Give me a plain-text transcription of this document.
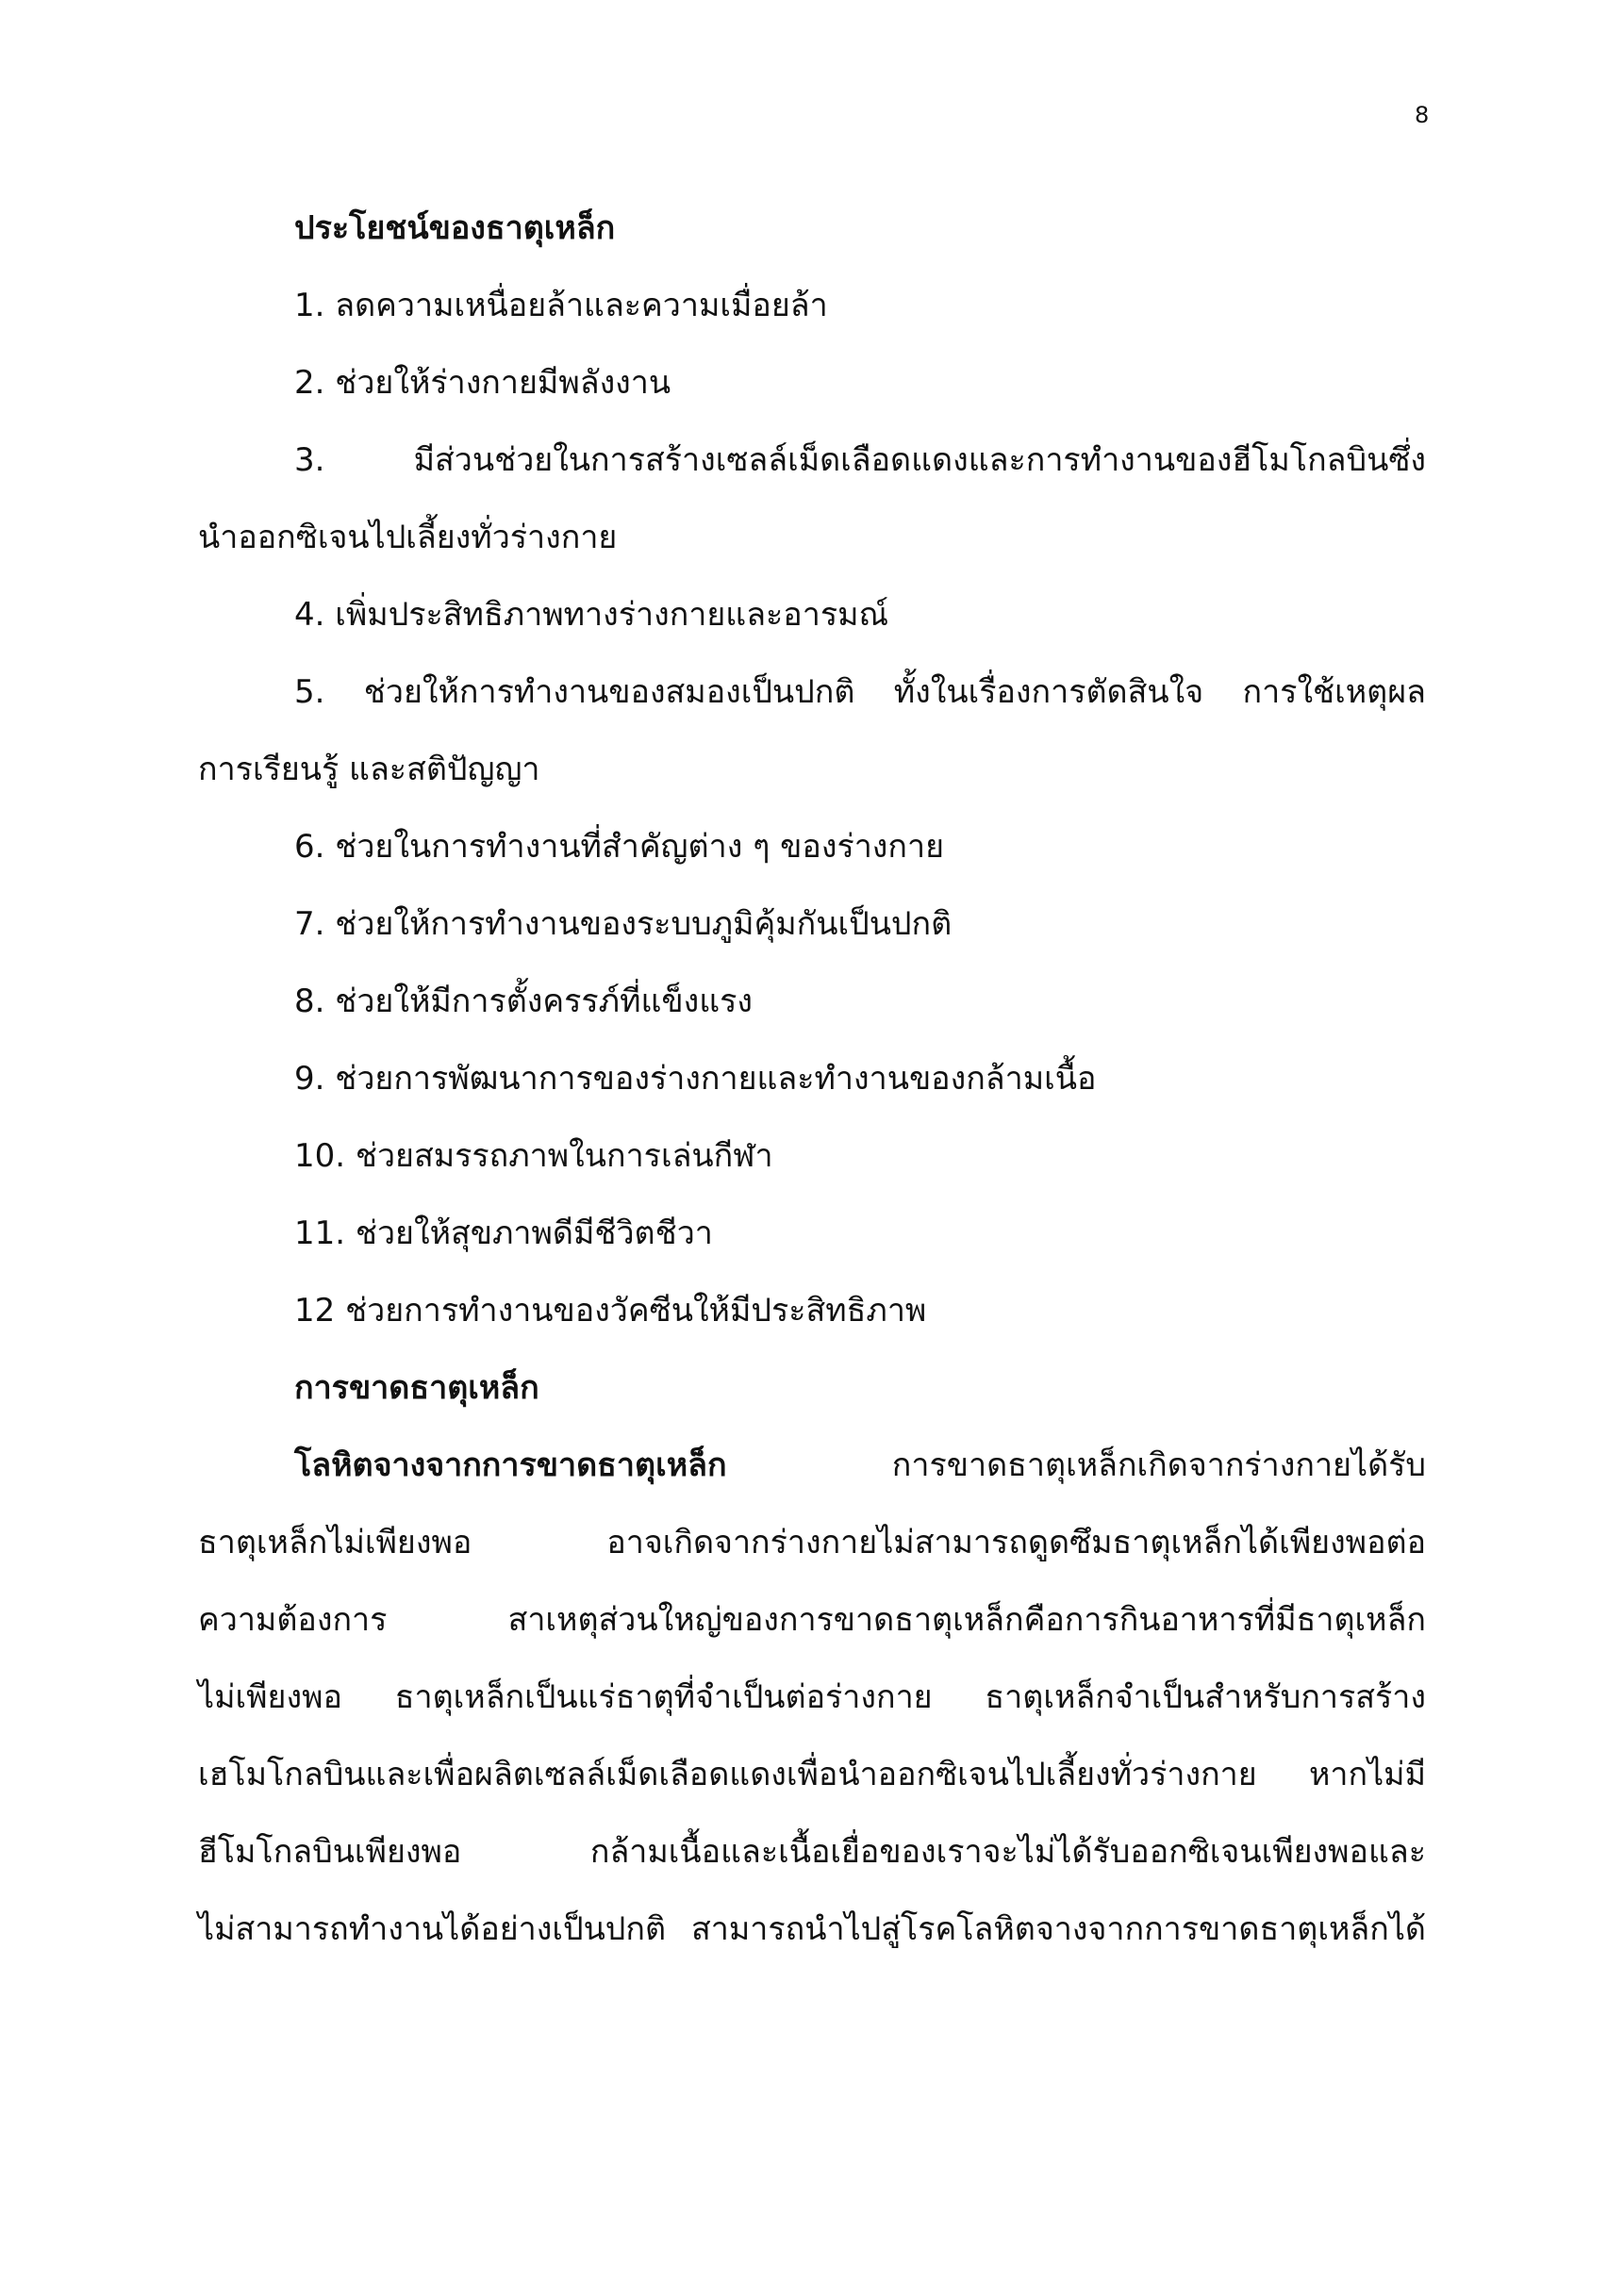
8
ประโยชน์ของธาตุเหล็ก
1. ลดความเหนื่อยล้าและความเมื่อยล้า
2. ช่วยให้ร่างกายมีพลังงาน
3. มีส่วนช่วยในการสร้างเซลล์เม็ดเลือดแดงและการทำงานของฮีโมโกลบินซึ่ง
นำออกซิเจนไปเลี้ยงทั่วร่างกาย
4. เพิ่มประสิทธิภาพทางร่างกายและอารมณ์
5. ช่วยให้การทำงานของสมองเป็นปกติ ทั้งในเรื่องการตัดสินใจ การใช้เหตุผล
การเรียนรู้ และสติปัญญา
6. ช่วยในการทำงานที่สำคัญต่าง ๆ ของร่างกาย
7. ช่วยให้การทำงานของระบบภูมิคุ้มกันเป็นปกติ
8. ช่วยให้มีการตั้งครรภ์ที่แข็งแรง
9. ช่วยการพัฒนาการของร่างกายและทำงานของกล้ามเนื้อ
10. ช่วยสมรรถภาพในการเล่นกีฬา
11. ช่วยให้สุขภาพดีมีชีวิตชีวา
12 ช่วยการทำงานของวัคซีนให้มีประสิทธิภาพ
การขาดธาตุเหล็ก
โลหิตจางจากการขาดธาตุเหล็ก	การขาดธาตุเหล็กเกิดจากร่างกายได้รับ
ธาตุเหล็กไม่เพียงพอ อาจเกิดจากร่างกายไม่สามารถดูดซึมธาตุเหล็กได้เพียงพอต่อ
ความต้องการ สาเหตุส่วนใหญ่ของการขาดธาตุเหล็กคือการกินอาหารที่มีธาตุเหล็ก
ไม่เพียงพอ ธาตุเหล็กเป็นแร่ธาตุที่จำเป็นต่อร่างกาย ธาตุเหล็กจำเป็นสำหรับการสร้าง
เฮโมโกลบินและเพื่อผลิตเซลล์เม็ดเลือดแดงเพื่อนำออกซิเจนไปเลี้ยงทั่วร่างกาย หากไม่มี
ฮีโมโกลบินเพียงพอ กล้ามเนื้อและเนื้อเยื่อของเราจะไม่ได้รับออกซิเจนเพียงพอและ
ไม่สามารถทำงานได้อย่างเป็นปกติ สามารถนำไปสู่โรคโลหิตจางจากการขาดธาตุเหล็กได้
